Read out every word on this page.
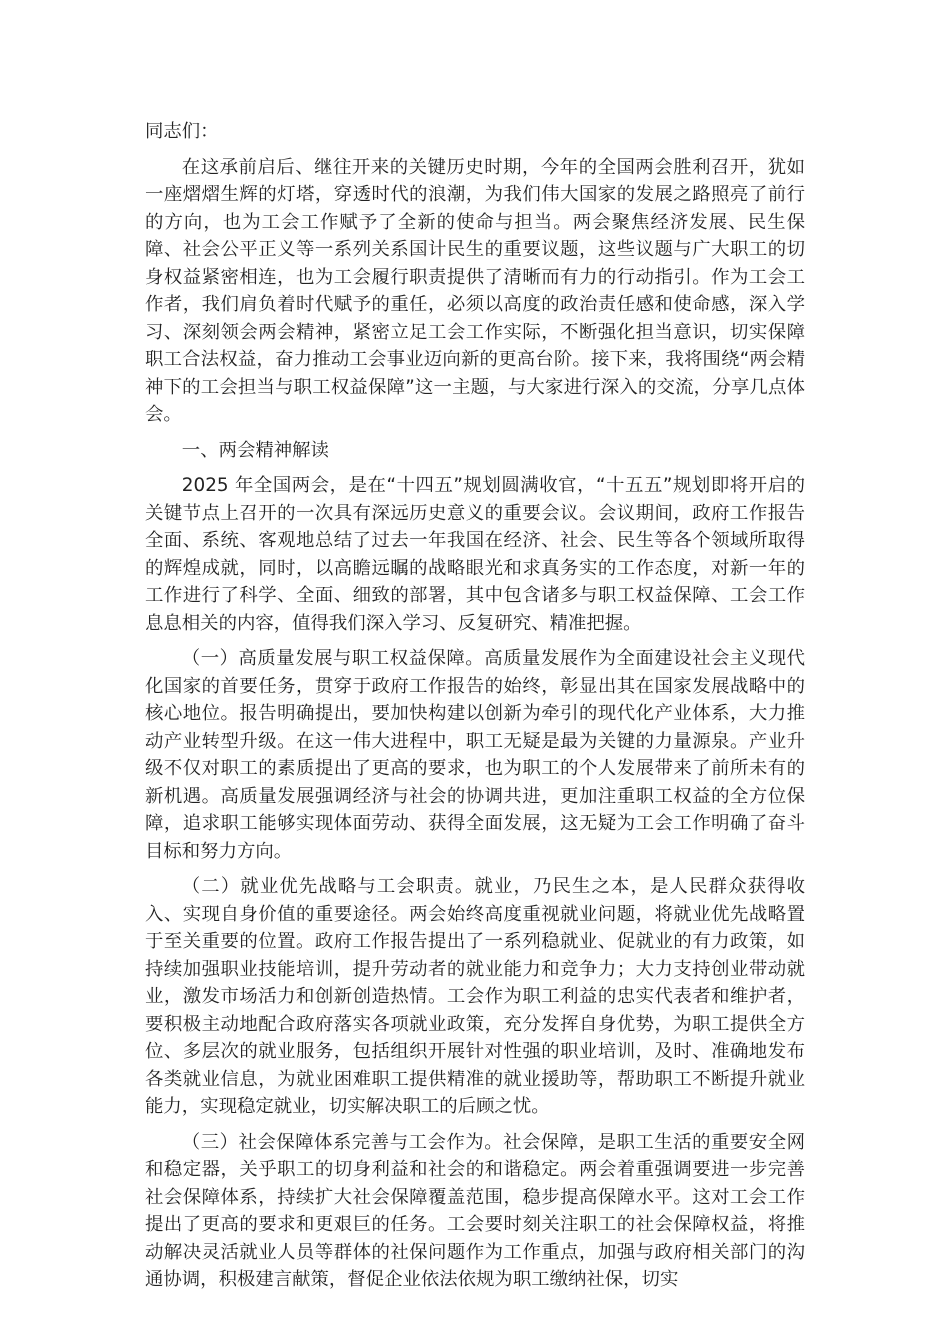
同志们：

在这承前启后、继往开来的关键历史时期，今年的全国两会胜利召开，犹如一座熠熠生辉的灯塔，穿透时代的浪潮，为我们伟大国家的发展之路照亮了前行的方向，也为工会工作赋予了全新的使命与担当。两会聚焦经济发展、民生保障、社会公平正义等一系列关系国计民生的重要议题，这些议题与广大职工的切身权益紧密相连，也为工会履行职责提供了清晰而有力的行动指引。作为工会工作者，我们肩负着时代赋予的重任，必须以高度的政治责任感和使命感，深入学习、深刻领会两会精神，紧密立足工会工作实际，不断强化担当意识，切实保障职工合法权益，奋力推动工会事业迈向新的更高台阶。接下来，我将围绕“两会精神下的工会担当与职工权益保障”这一主题，与大家进行深入的交流，分享几点体会。

一、两会精神解读

2025 年全国两会，是在“十四五”规划圆满收官，“十五五”规划即将开启的关键节点上召开的一次具有深远历史意义的重要会议。会议期间，政府工作报告全面、系统、客观地总结了过去一年我国在经济、社会、民生等各个领域所取得的辉煌成就，同时，以高瞻远瞩的战略眼光和求真务实的工作态度，对新一年的工作进行了科学、全面、细致的部署，其中包含诸多与职工权益保障、工会工作息息相关的内容，值得我们深入学习、反复研究、精准把握。

（一）高质量发展与职工权益保障。高质量发展作为全面建设社会主义现代化国家的首要任务，贯穿于政府工作报告的始终，彰显出其在国家发展战略中的核心地位。报告明确提出，要加快构建以创新为牵引的现代化产业体系，大力推动产业转型升级。在这一伟大进程中，职工无疑是最为关键的力量源泉。产业升级不仅对职工的素质提出了更高的要求，也为职工的个人发展带来了前所未有的新机遇。高质量发展强调经济与社会的协调共进，更加注重职工权益的全方位保障，追求职工能够实现体面劳动、获得全面发展，这无疑为工会工作明确了奋斗目标和努力方向。

（二）就业优先战略与工会职责。就业，乃民生之本，是人民群众获得收入、实现自身价值的重要途径。两会始终高度重视就业问题，将就业优先战略置于至关重要的位置。政府工作报告提出了一系列稳就业、促就业的有力政策，如持续加强职业技能培训，提升劳动者的就业能力和竞争力；大力支持创业带动就业，激发市场活力和创新创造热情。工会作为职工利益的忠实代表者和维护者，要积极主动地配合政府落实各项就业政策，充分发挥自身优势，为职工提供全方位、多层次的就业服务，包括组织开展针对性强的职业培训，及时、准确地发布各类就业信息，为就业困难职工提供精准的就业援助等，帮助职工不断提升就业能力，实现稳定就业，切实解决职工的后顾之忧。

（三）社会保障体系完善与工会作为。社会保障，是职工生活的重要安全网和稳定器，关乎职工的切身利益和社会的和谐稳定。两会着重强调要进一步完善社会保障体系，持续扩大社会保障覆盖范围，稳步提高保障水平。这对工会工作提出了更高的要求和更艰巨的任务。工会要时刻关注职工的社会保障权益，将推动解决灵活就业人员等群体的社保问题作为工作重点，加强与政府相关部门的沟通协调，积极建言献策，督促企业依法依规为职工缴纳社保，切实
